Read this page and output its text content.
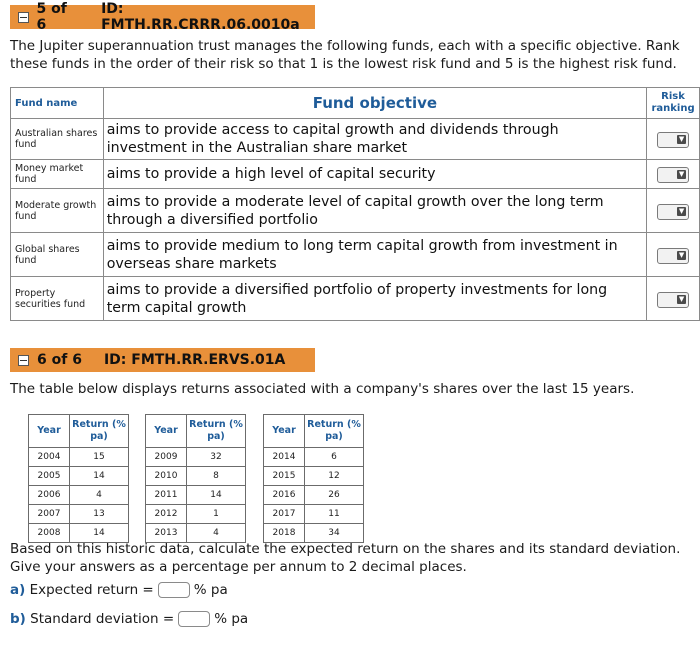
5 of 6
ID: FMTH.RR.CRRR.06.0010a
The Jupiter superannuation trust manages the following funds, each with a specific objective. Rank these funds in the order of their risk so that 1 is the lowest risk fund and 5 is the highest risk fund.
Fund name	Fund objective	Risk ranking
Australian shares fund	aims to provide access to capital growth and dividends through investment in the Australian share market	▼

Money market fund	aims to provide a high level of capital security	▼

Moderate growth fund	aims to provide a moderate level of capital growth over the long term through a diversified portfolio	▼

Global shares fund	aims to provide medium to long term capital growth from investment in overseas share markets	▼

Property securities fund	aims to provide a diversified portfolio of property investments for long term capital growth	▼
6 of 6 ID: FMTH.RR.ERVS.01A
The table below displays returns associated with a company's shares over the last 15 years.
Year	Return (% pa)
2004	15
2005	14
2006	4
2007	13
2008	14
Year	Return (% pa)
2009	32
2010	8
2011	14
2012	1
2013	4
Year	Return (% pa)
2014	6
2015	12
2016	26
2017	11
2018	34
Based on this historic data, calculate the expected return on the shares and its standard deviation. Give your answers as a percentage per annum to 2 decimal places.
a)
Expected return =	% pa
b)
Standard deviation =	% pa
